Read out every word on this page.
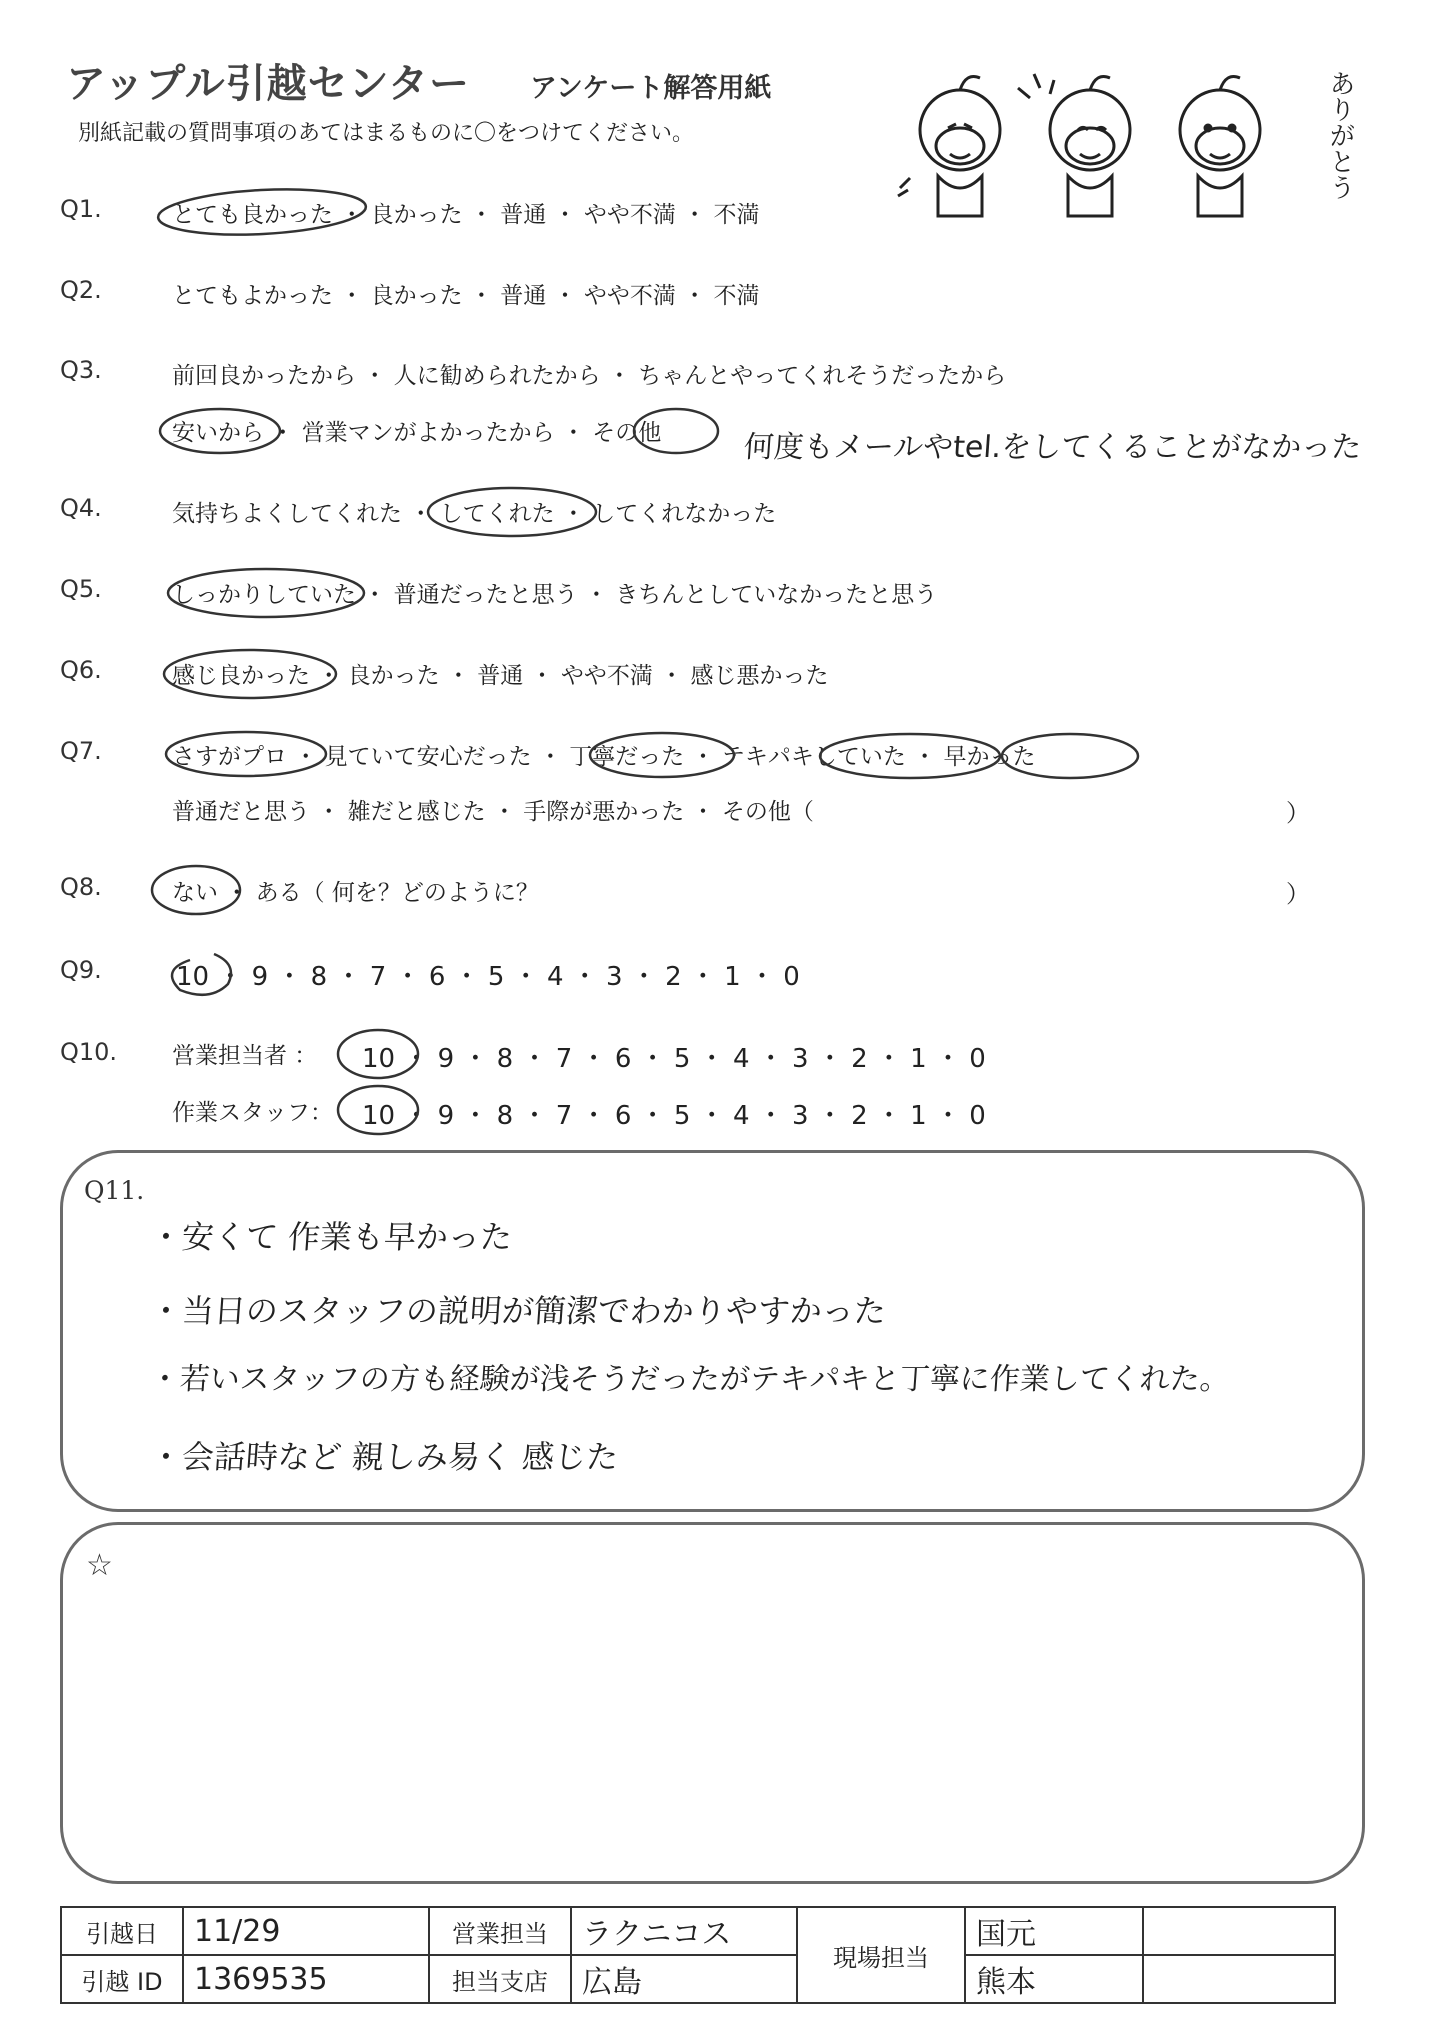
アップル引越センター アンケート解答用紙
別紙記載の質問事項のあてはまるものに〇をつけてください。	ありがとう
Q1.	とても良かった ・ 良かった ・ 普通 ・ やや不満 ・ 不満
Q2.	とてもよかった ・ 良かった ・ 普通 ・ やや不満 ・ 不満
Q3.	前回良かったから ・ 人に勧められたから ・ ちゃんとやってくれそうだったから
安いから ・ 営業マンがよかったから ・ その他	何度もメールやtel.をしてくることがなかった
Q4.	気持ちよくしてくれた ・ してくれた ・ してくれなかった
Q5.	しっかりしていた ・ 普通だったと思う ・ きちんとしていなかったと思う
Q6.	感じ良かった ・ 良かった ・ 普通 ・ やや不満 ・ 感じ悪かった
Q7.	さすがプロ ・ 見ていて安心だった ・ 丁寧だった ・ テキパキしていた ・ 早かった
普通だと思う ・ 雑だと感じた ・ 手際が悪かった ・ その他（	）
Q8.	ない ・ ある（ 何を？どのように？	）
Q9.	10 ・ 9 ・ 8 ・ 7 ・ 6 ・ 5 ・ 4 ・ 3 ・ 2 ・ 1 ・ 0
Q10. 営業担当者 ： 10 ・ 9 ・ 8 ・ 7 ・ 6 ・ 5 ・ 4 ・ 3 ・ 2 ・ 1 ・ 0
作業スタッフ： 10 ・ 9 ・ 8 ・ 7 ・ 6 ・ 5 ・ 4 ・ 3 ・ 2 ・ 1 ・ 0
Q11.
・安くて 作業も早かった
・当日のスタッフの説明が簡潔でわかりやすかった
・若いスタッフの方も経験が浅そうだったがテキパキと丁寧に作業してくれた。
・会話時など 親しみ易く 感じた
☆
引越日	11/29	営業担当	ラクニコス	現場担当	国元	
引越 ID	1369535	担当支店	広島		熊本	
